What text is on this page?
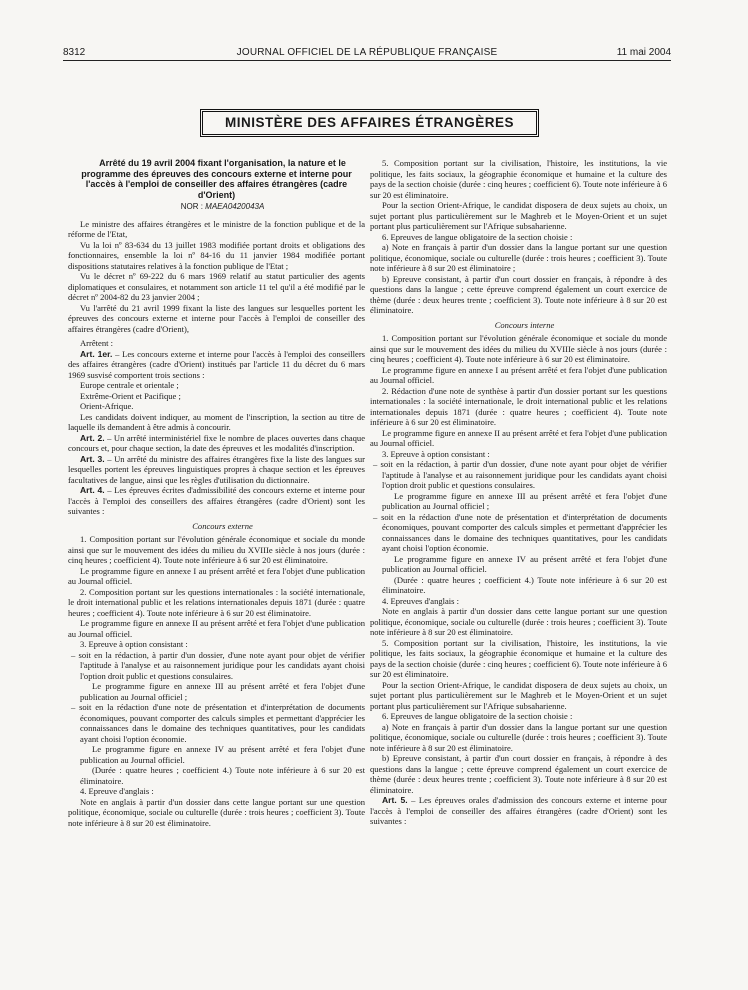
8312	JOURNAL OFFICIEL DE LA RÉPUBLIQUE FRANÇAISE	11 mai 2004
MINISTÈRE DES AFFAIRES ÉTRANGÈRES

Arrêté du 19 avril 2004 fixant l'organisation, la nature et le programme des épreuves des concours externe et interne pour l'accès à l'emploi de conseiller des affaires étrangères (cadre d'Orient)

NOR : MAEA0420043A

Le ministre des affaires étrangères et le ministre de la fonction publique et de la réforme de l'Etat,

Vu la loi nº 83-634 du 13 juillet 1983 modifiée portant droits et obligations des fonctionnaires, ensemble la loi nº 84-16 du 11 janvier 1984 modifiée portant dispositions statutaires relatives à la fonction publique de l'Etat ;

Vu le décret nº 69-222 du 6 mars 1969 relatif au statut particulier des agents diplomatiques et consulaires, et notamment son article 11 tel qu'il a été modifié par le décret nº 2004-82 du 23 janvier 2004 ;

Vu l'arrêté du 21 avril 1999 fixant la liste des langues sur lesquelles portent les épreuves des concours externe et interne pour l'accès à l'emploi de conseiller des affaires étrangères (cadre d'Orient),

Arrêtent :

Art. 1er. – Les concours externe et interne pour l'accès à l'emploi des conseillers des affaires étrangères (cadre d'Orient) institués par l'article 11 du décret du 6 mars 1969 susvisé comportent trois sections :

Europe centrale et orientale ;

Extrême-Orient et Pacifique ;

Orient-Afrique.

Les candidats doivent indiquer, au moment de l'inscription, la section au titre de laquelle ils demandent à être admis à concourir.

Art. 2. – Un arrêté interministériel fixe le nombre de places ouvertes dans chaque concours et, pour chaque section, la date des épreuves et les modalités d'inscription.

Art. 3. – Un arrêté du ministre des affaires étrangères fixe la liste des langues sur lesquelles portent les épreuves linguistiques propres à chaque section et les épreuves facultatives de langue, ainsi que les règles d'utilisation du dictionnaire.

Art. 4. – Les épreuves écrites d'admissibilité des concours externe et interne pour l'accès à l'emploi des conseillers des affaires étrangères (cadre d'Orient) sont les suivantes :

Concours externe

1. Composition portant sur l'évolution générale économique et sociale du monde ainsi que sur le mouvement des idées du milieu du XVIIIe siècle à nos jours (durée : cinq heures ; coefficient 4). Toute note inférieure à 6 sur 20 est éliminatoire.

Le programme figure en annexe I au présent arrêté et fera l'objet d'une publication au Journal officiel.

2. Composition portant sur les questions internationales : la société internationale, le droit international public et les relations internationales depuis 1871 (durée : quatre heures ; coefficient 4). Toute note inférieure à 6 sur 20 est éliminatoire.

Le programme figure en annexe II au présent arrêté et fera l'objet d'une publication au Journal officiel.

3. Epreuve à option consistant :

– soit en la rédaction, à partir d'un dossier, d'une note ayant pour objet de vérifier l'aptitude à l'analyse et au raisonnement juridique pour les candidats ayant choisi l'option droit public et questions consulaires.

Le programme figure en annexe III au présent arrêté et fera l'objet d'une publication au Journal officiel ;

– soit en la rédaction d'une note de présentation et d'interprétation de documents économiques, pouvant comporter des calculs simples et permettant d'apprécier les connaissances dans le domaine des techniques quantitatives, pour les candidats ayant choisi l'option économie.

Le programme figure en annexe IV au présent arrêté et fera l'objet d'une publication au Journal officiel.

(Durée : quatre heures ; coefficient 4.) Toute note inférieure à 6 sur 20 est éliminatoire.

4. Epreuve d'anglais :

Note en anglais à partir d'un dossier dans cette langue portant sur une question politique, économique, sociale ou culturelle (durée : trois heures ; coefficient 3). Toute note inférieure à 8 sur 20 est éliminatoire.

5. Composition portant sur la civilisation, l'histoire, les institutions, la vie politique, les faits sociaux, la géographie économique et humaine et la culture des pays de la section choisie (durée : cinq heures ; coefficient 6). Toute note inférieure à 6 sur 20 est éliminatoire.

Pour la section Orient-Afrique, le candidat disposera de deux sujets au choix, un sujet portant plus particulièrement sur le Maghreb et le Moyen-Orient et un sujet portant plus particulièrement sur l'Afrique subsaharienne.

6. Epreuves de langue obligatoire de la section choisie :

a) Note en français à partir d'un dossier dans la langue portant sur une question politique, économique, sociale ou culturelle (durée : trois heures ; coefficient 3). Toute note inférieure à 8 sur 20 est éliminatoire ;

b) Epreuve consistant, à partir d'un court dossier en français, à répondre à des questions dans la langue ; cette épreuve comprend également un court exercice de thème (durée : deux heures trente ; coefficient 3). Toute note inférieure à 8 sur 20 est éliminatoire.

Concours interne

1. Composition portant sur l'évolution générale économique et sociale du monde ainsi que sur le mouvement des idées du milieu du XVIIIe siècle à nos jours (durée : cinq heures ; coefficient 4). Toute note inférieure à 6 sur 20 est éliminatoire.

Le programme figure en annexe I au présent arrêté et fera l'objet d'une publication au Journal officiel.

2. Rédaction d'une note de synthèse à partir d'un dossier portant sur les questions internationales : la société internationale, le droit international public et les relations internationales depuis 1871 (durée : quatre heures ; coefficient 4). Toute note inférieure à 6 sur 20 est éliminatoire.

Le programme figure en annexe II au présent arrêté et fera l'objet d'une publication au Journal officiel.

3. Epreuve à option consistant :

– soit en la rédaction, à partir d'un dossier, d'une note ayant pour objet de vérifier l'aptitude à l'analyse et au raisonnement juridique pour les candidats ayant choisi l'option droit public et questions consulaires.

Le programme figure en annexe III au présent arrêté et fera l'objet d'une publication au Journal officiel ;

– soit en la rédaction d'une note de présentation et d'interprétation de documents économiques, pouvant comporter des calculs simples et permettant d'apprécier les connaissances dans le domaine des techniques quantitatives, pour les candidats ayant choisi l'option économie.

Le programme figure en annexe IV au présent arrêté et fera l'objet d'une publication au Journal officiel.

(Durée : quatre heures ; coefficient 4.) Toute note inférieure à 6 sur 20 est éliminatoire.

4. Epreuves d'anglais :

Note en anglais à partir d'un dossier dans cette langue portant sur une question politique, économique, sociale ou culturelle (durée : trois heures ; coefficient 3). Toute note inférieure à 8 sur 20 est éliminatoire.

5. Composition portant sur la civilisation, l'histoire, les institutions, la vie politique, les faits sociaux, la géographie économique et humaine et la culture des pays de la section choisie (durée : cinq heures ; coefficient 6). Toute note inférieure à 6 sur 20 est éliminatoire.

Pour la section Orient-Afrique, le candidat disposera de deux sujets au choix, un sujet portant plus particulièrement sur le Maghreb et le Moyen-Orient et un sujet portant plus particulièrement sur l'Afrique subsaharienne.

6. Epreuves de langue obligatoire de la section choisie :

a) Note en français à partir d'un dossier dans la langue portant sur une question politique, économique, sociale ou culturelle (durée : trois heures ; coefficient 3). Toute note inférieure à 8 sur 20 est éliminatoire.

b) Epreuve consistant, à partir d'un court dossier en français, à répondre à des questions dans la langue ; cette épreuve comprend également un court exercice de thème (durée : deux heures trente ; coefficient 3). Toute note inférieure à 8 sur 20 est éliminatoire.

Art. 5. – Les épreuves orales d'admission des concours externe et interne pour l'accès à l'emploi de conseiller des affaires étrangères (cadre d'Orient) sont les suivantes :
